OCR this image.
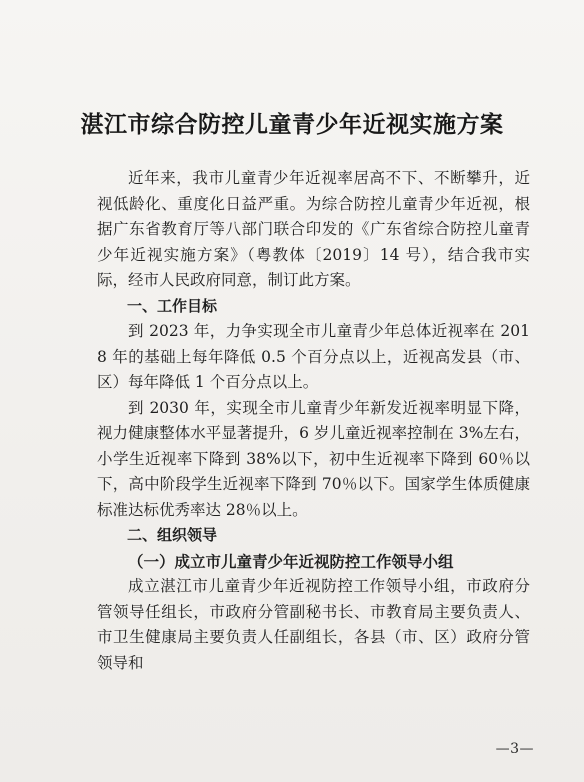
湛江市综合防控儿童青少年近视实施方案

近年来，我市儿童青少年近视率居高不下、不断攀升，近视低龄化、重度化日益严重。为综合防控儿童青少年近视，根据广东省教育厅等八部门联合印发的《广东省综合防控儿童青少年近视实施方案》（粤教体〔2019〕14 号），结合我市实际，经市人民政府同意，制订此方案。

一、工作目标

到 2023 年，力争实现全市儿童青少年总体近视率在 2018 年的基础上每年降低 0.5 个百分点以上，近视高发县（市、区）每年降低 1 个百分点以上。

到 2030 年，实现全市儿童青少年新发近视率明显下降，视力健康整体水平显著提升，6 岁儿童近视率控制在 3%左右，小学生近视率下降到 38%以下，初中生近视率下降到 60％以下，高中阶段学生近视率下降到 70％以下。国家学生体质健康标准达标优秀率达 28％以上。

二、组织领导

（一）成立市儿童青少年近视防控工作领导小组

成立湛江市儿童青少年近视防控工作领导小组，市政府分管领导任组长，市政府分管副秘书长、市教育局主要负责人、市卫生健康局主要负责人任副组长，各县（市、区）政府分管领导和

—3—
